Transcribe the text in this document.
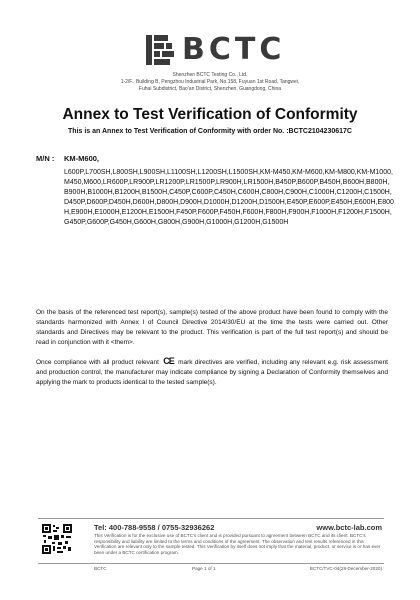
BCTC
Shenzhen BCTC Testing Co., Ltd.
1-2/F., Building B, Pengzhou Industrial Park, No.158, Fuyuan 1st Road, Tangwei,
Fuhai Subdistrict, Bao'an District, Shenzhen, Guangdong, China
Annex to Test Verification of Conformity
This is an Annex to Test Verification of Conformity with order No. :BCTC2104230617C
M/N : KM-M600,
L600P,L700SH,L800SH,L900SH,L1100SH,L1200SH,L1500SH,KM-M450,KM-M600,KM-M800,KM-M1000,M450,M600,LR600P,LR900P,LR1200P,LR1500P,LR900H,LR1500H,B450P,B600P,B450H,B600H,B800H,B900H,B1000H,B1200H,B1500H,C450P,C600P,C450H,C600H,C800H,C900H,C1000H,C1200H,C1500H,D450P,D600P,D450H,D600H,D800H,D900H,D1000H,D1200H,D1500H,E450P,E600P,E450H,E600H,E800H,E900H,E1000H,E1200H,E1500H,F450P,F600P,F450H,F600H,F800H,F900H,F1000H,F1200H,F1500H,G450P,G600P,G450H,G600H,G800H,G900H,G1000H,G1200H,G1500H
On the basis of the referenced test report(s), sample(s) tested of the above product have been found to comply with the standards harmonized with Annex I of Council Directive 2014/30/EU at the time the tests were carried out. Other standards and Directives may be relevant to the product. This verification is part of the full test report(s) and should be read in conjunction with it <them>.
Once compliance with all product relevant CE mark directives are verified, including any relevant e.g. risk assessment and production control, the manufacturer may indicate compliance by signing a Declaration of Conformity themselves and applying the mark to products identical to the tested sample(s).
Tel: 400-788-9558 / 0755-32936262	www.bctc-lab.com
This Verification is for the exclusive use of BCTC's client and is provided pursuant to agreement between BCTC and its client. BCTC's responsibility and liability are limited to the terms and conditions of the agreement. The observation and test results referenced in this Verification are relevant only to the sample tested. This Verification by itself does not imply that the material, product, or service is or has ever been under a BCTC certification program.
BCTC	Page 1 of 1	BCTC/TVC-04(28-December-2020)
